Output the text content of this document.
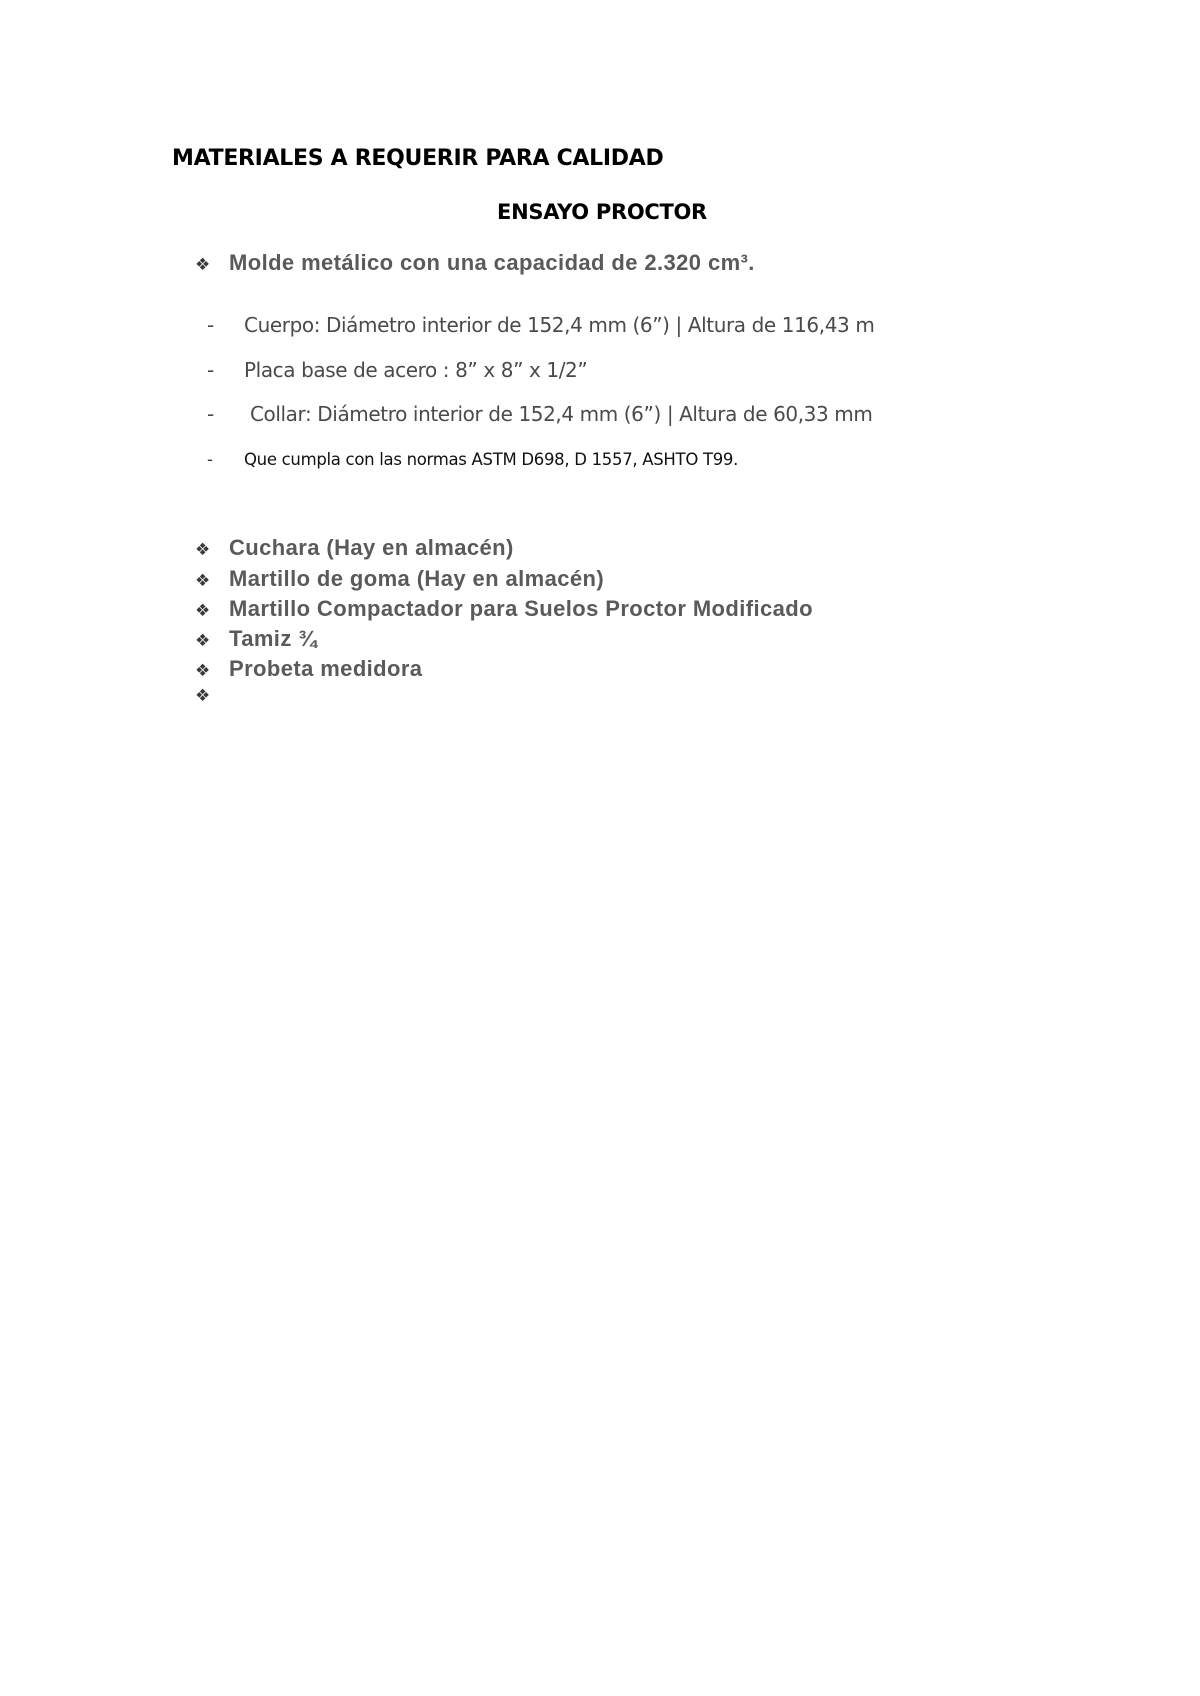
MATERIALES A REQUERIR PARA CALIDAD
ENSAYO PROCTOR
❖ Molde metálico con una capacidad de 2.320 cm³.
-	Cuerpo: Diámetro interior de 152,4 mm (6”) | Altura de 116,43 m
-	Placa base de acero : 8” x 8” x 1/2”
-	Collar: Diámetro interior de 152,4 mm (6”) | Altura de 60,33 mm
-	Que cumpla con las normas ASTM D698, D 1557, ASHTO T99.
❖ Cuchara (Hay en almacén)
❖ Martillo de goma (Hay en almacén)
❖ Martillo Compactador para Suelos Proctor Modificado
❖ Tamiz ¾
❖ Probeta medidora
❖
